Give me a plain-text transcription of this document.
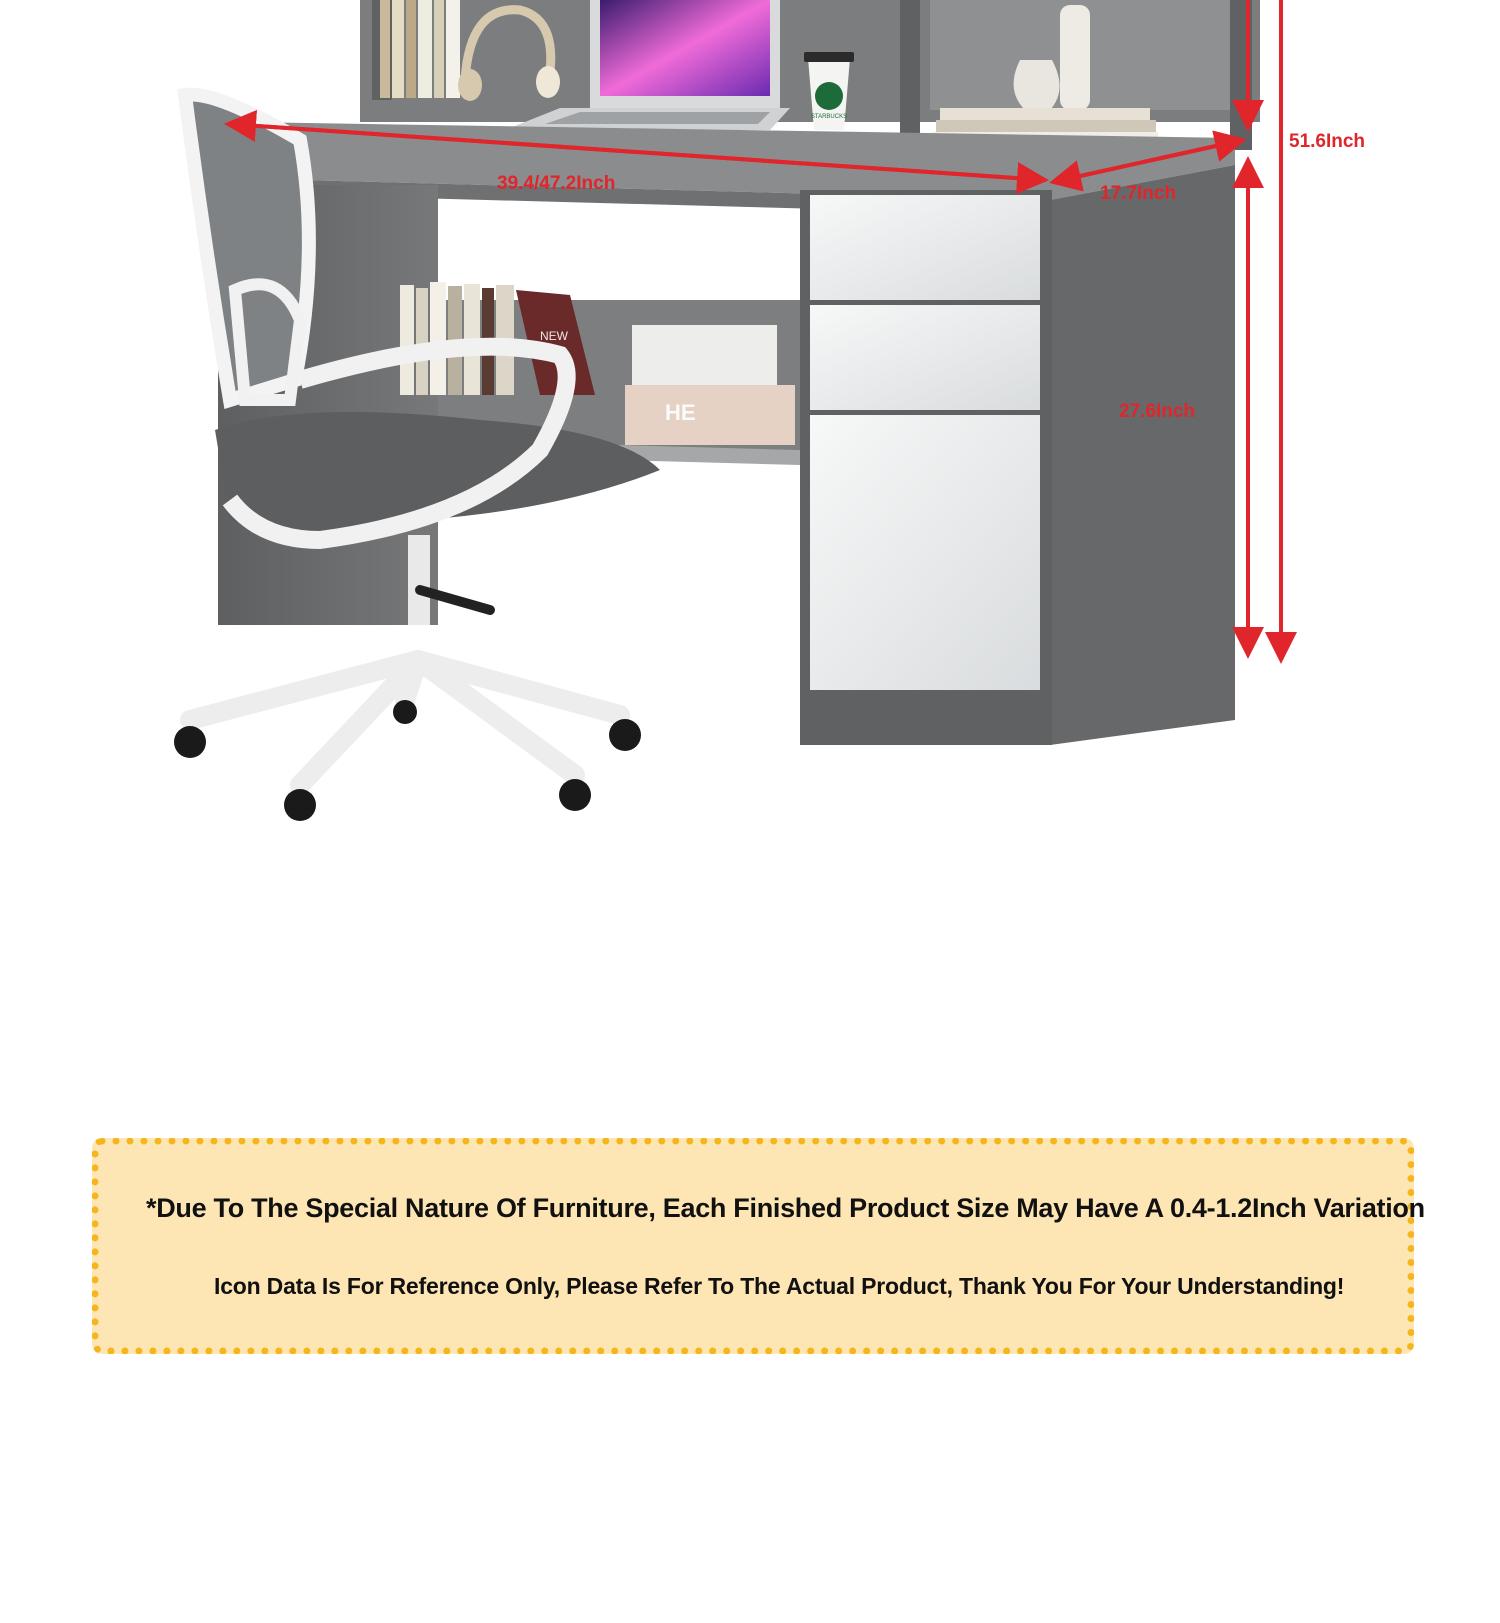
STARBUCKS
NEW
HE
39.4/47.2Inch	17.7Inch
27.6Inch
51.6Inch
*Due To The Special Nature Of Furniture, Each Finished Product Size May Have A 0.4-1.2Inch Variation
Icon Data Is For Reference Only, Please Refer To The Actual Product, Thank You For Your Understanding!
